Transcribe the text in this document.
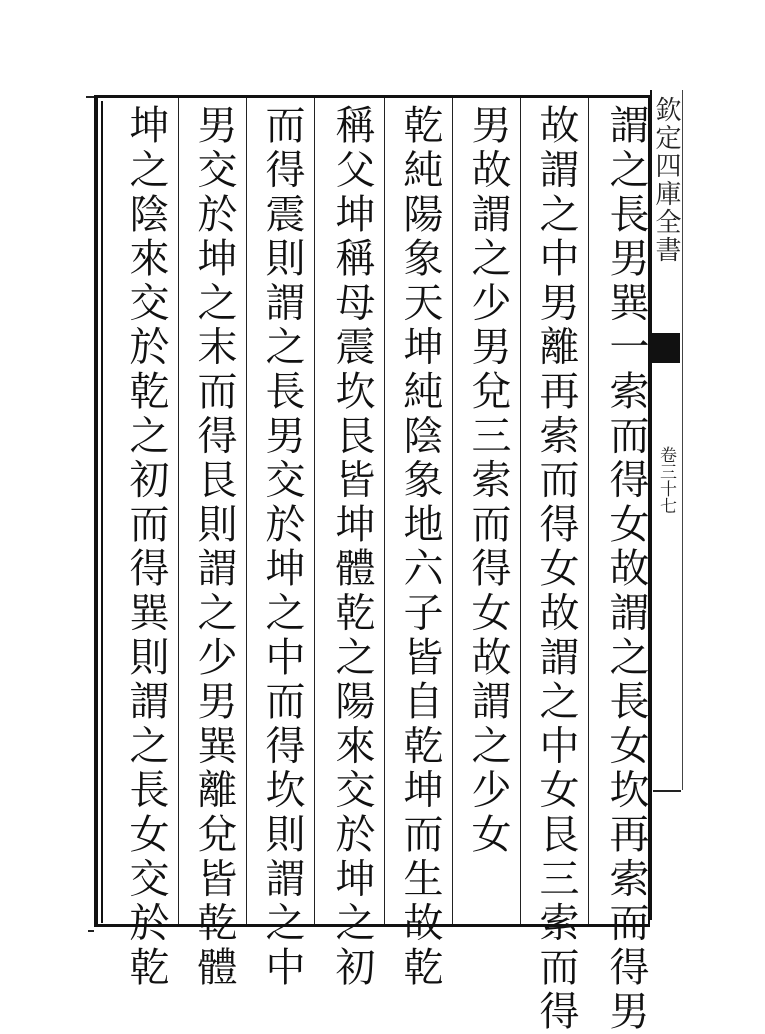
謂之長男巽一索而得女故謂之長女坎再索而得男
故謂之中男離再索而得女故謂之中女艮三索而得
男故謂之少男兌三索而得女故謂之少女
乾純陽象天坤純陰象地六子皆自乾坤而生故乾
稱父坤稱母震坎艮皆坤體乾之陽來交於坤之初
而得震則謂之長男交於坤之中而得坎則謂之中
男交於坤之末而得艮則謂之少男巽離兌皆乾體
坤之陰來交於乾之初而得巽則謂之長女交於乾	欽定四庫全書
卷三十七
